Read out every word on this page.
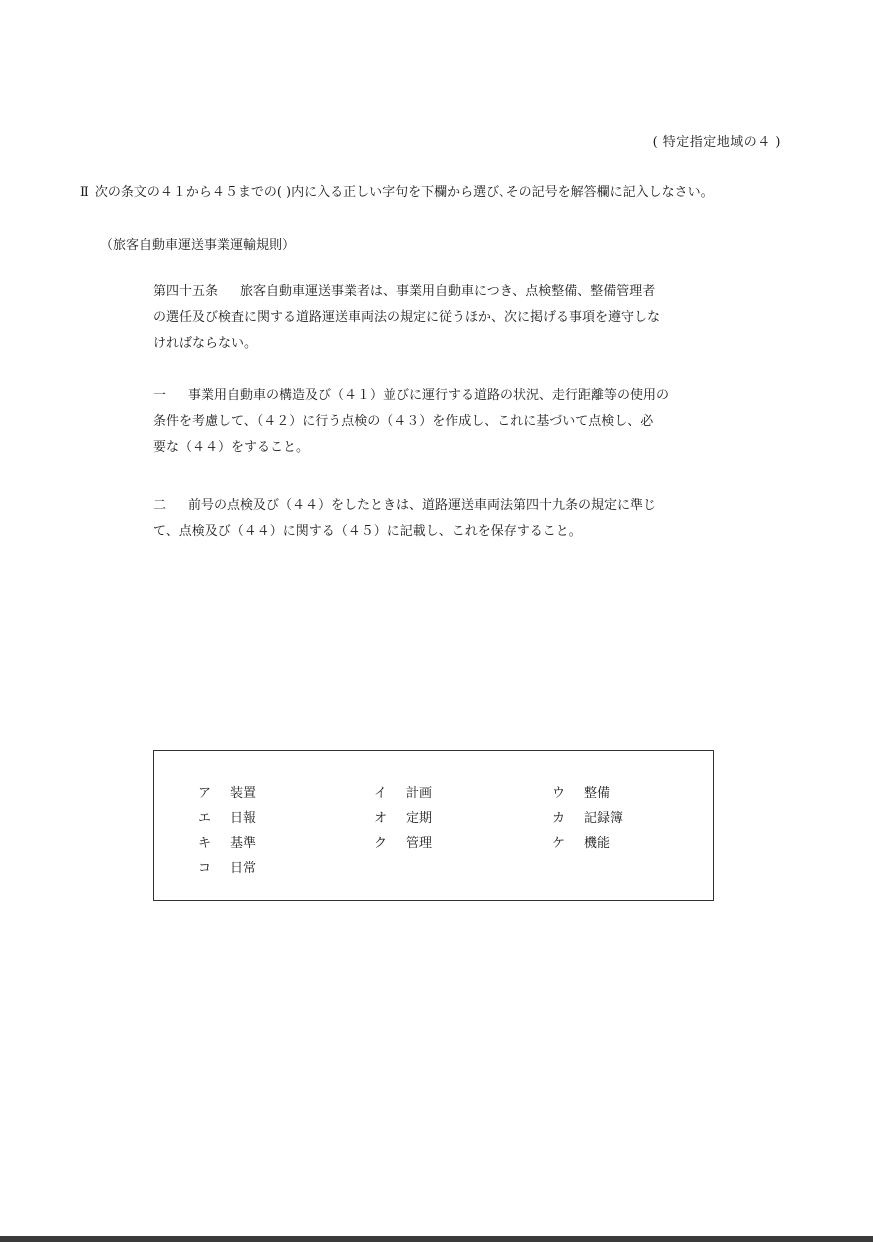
( 特定指定地域の４ )
Ⅱ 次の条文の４１から４５までの( )内に入る正しい字句を下欄から選び､その記号を解答欄に記入しなさい。
（旅客自動車運送事業運輸規則）

第四十五条 旅客自動車運送事業者は、事業用自動車につき、点検整備、整備管理者

の選任及び検査に関する道路運送車両法の規定に従うほか、次に掲げる事項を遵守しな

ければならない。

一 事業用自動車の構造及び（４１）並びに運行する道路の状況、走行距離等の使用の

条件を考慮して、（４２）に行う点検の（４３）を作成し、これに基づいて点検し、必

要な（４４）をすること。

二 前号の点検及び（４４）をしたときは、道路運送車両法第四十九条の規定に準じ

て、点検及び（４４）に関する（４５）に記載し、これを保存すること。

ア 装置	イ 計画	ウ 整備
エ 日報	オ 定期	カ 記録簿
キ 基準	ク 管理	ケ 機能
コ 日常
